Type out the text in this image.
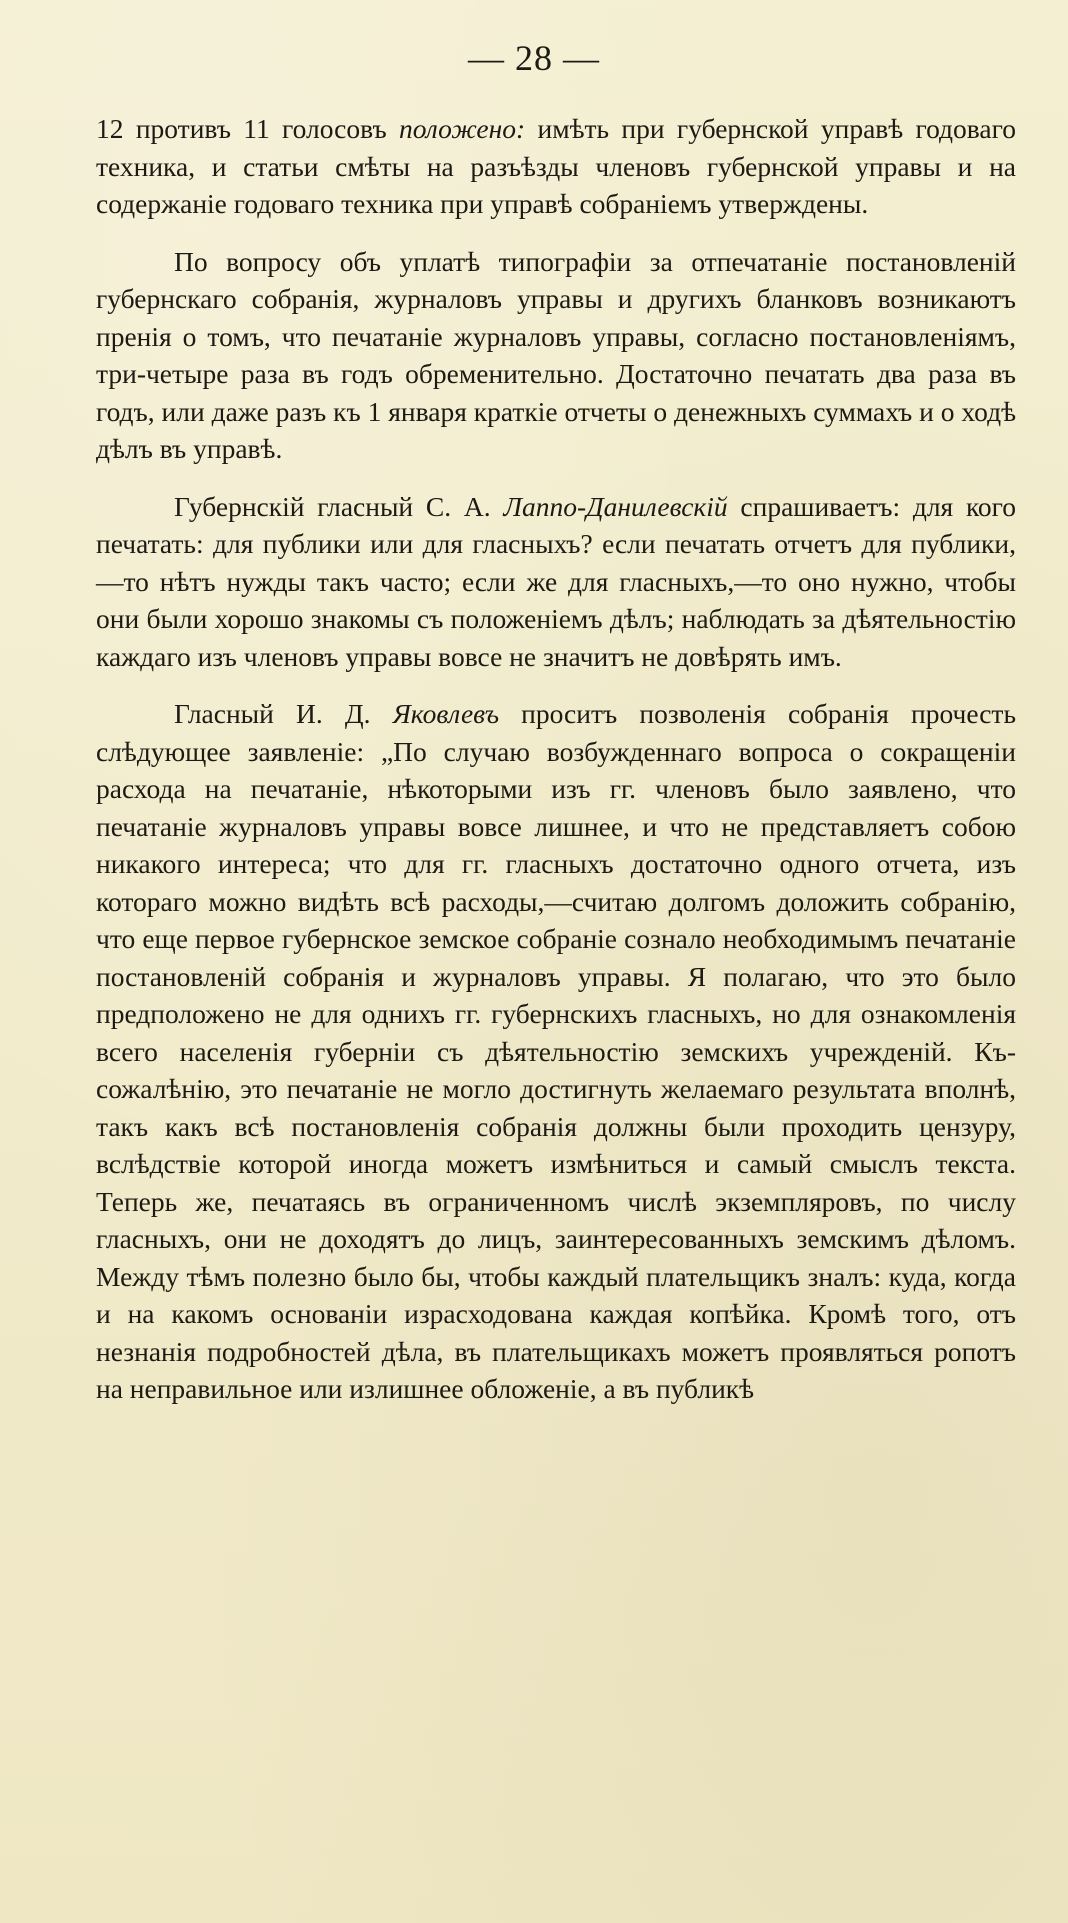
— 28 —

12 противъ 11 голосовъ положено: имѣть при губернской управѣ годоваго техника, и статьи смѣты на разъѣзды членовъ губернской управы и на содержаніе годоваго техника при управѣ собраніемъ утверждены.

По вопросу объ уплатѣ типографіи за отпечатаніе постановленій губернскаго собранія, журналовъ управы и другихъ бланковъ возникаютъ пренія о томъ, что печатаніе журналовъ управы, согласно постановленіямъ, три-четыре раза въ годъ обременительно. Достаточно печатать два раза въ годъ, или даже разъ къ 1 января краткіе отчеты о денежныхъ суммахъ и о ходѣ дѣлъ въ управѣ.

Губернскій гласный С. А. Лаппо-Данилевскій спрашиваетъ: для кого печатать: для публики или для гласныхъ? если печатать отчетъ для публики,—то нѣтъ нужды такъ часто; если же для гласныхъ,—то оно нужно, чтобы они были хорошо знакомы съ положеніемъ дѣлъ; наблюдать за дѣятельностію каждаго изъ членовъ управы вовсе не значитъ не довѣрять имъ.

Гласный И. Д. Яковлевъ проситъ позволенія собранія прочесть слѣдующее заявленіе: „По случаю возбужденнаго вопроса о сокращеніи расхода на печатаніе, нѣкоторыми изъ гг. членовъ было заявлено, что печатаніе журналовъ управы вовсе лишнее, и что не представляетъ собою никакого интереса; что для гг. гласныхъ достаточно одного отчета, изъ котораго можно видѣть всѣ расходы,—считаю долгомъ доложить собранію, что еще первое губернское земское собраніе сознало необходимымъ печатаніе постановленій собранія и журналовъ управы. Я полагаю, что это было предположено не для однихъ гг. губернскихъ гласныхъ, но для ознакомленія всего населенія губерніи съ дѣятельностію земскихъ учрежденій. Къ-сожалѣнію, это печатаніе не могло достигнуть желаемаго результата вполнѣ, такъ какъ всѣ постановленія собранія должны были проходить цензуру, вслѣдствіе которой иногда можетъ измѣниться и самый смыслъ текста. Теперь же, печатаясь въ ограниченномъ числѣ экземпляровъ, по числу гласныхъ, они не доходятъ до лицъ, заинтересованныхъ земскимъ дѣломъ. Между тѣмъ полезно было бы, чтобы каждый плательщикъ зналъ: куда, когда и на какомъ основаніи израсходована каждая копѣйка. Кромѣ того, отъ незнанія подробностей дѣла, въ плательщикахъ можетъ проявляться ропотъ на неправильное или излишнее обложеніе, а въ публикѣ
